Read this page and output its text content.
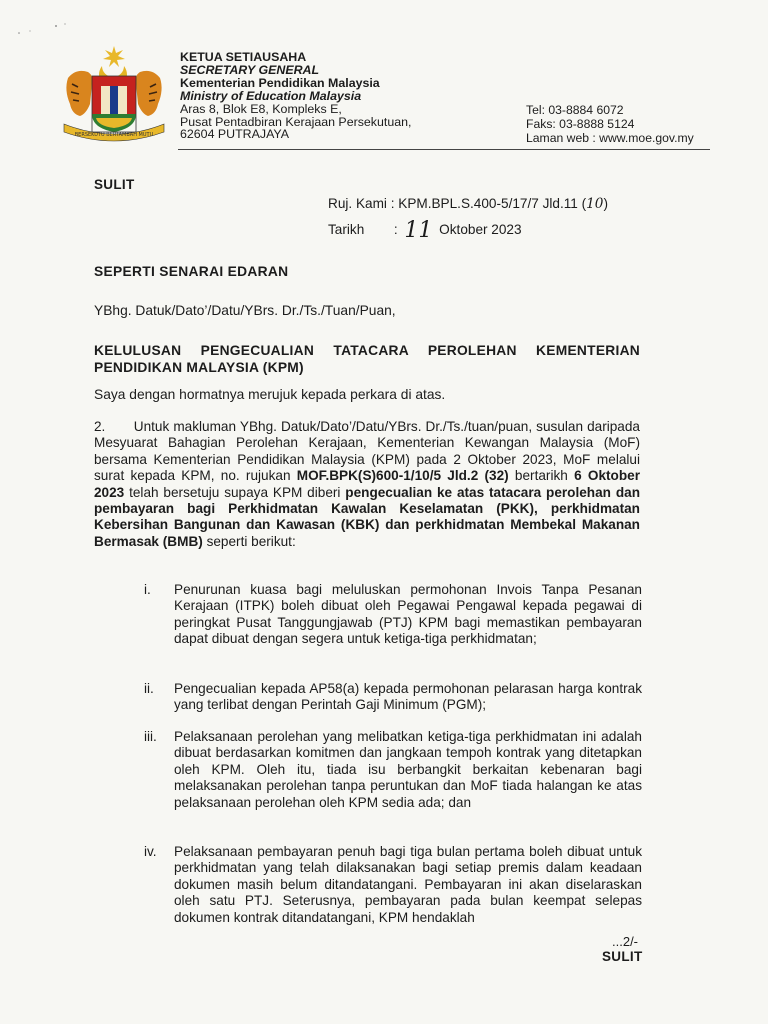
BERSEKUTU BERTAMBAH MUTU
KETUA SETIAUSAHA
SECRETARY GENERAL
Kementerian Pendidikan Malaysia
Ministry of Education Malaysia
Aras 8, Blok E8, Kompleks E,
Pusat Pentadbiran Kerajaan Persekutuan,
62604 PUTRAJAYA
Tel: 03-8884 6072
Faks: 03-8888 5124
Laman web : www.moe.gov.my
SULIT
Ruj. Kami : KPM.BPL.S.400-5/17/7 Jld.11 (10)
Tarikh : 11 Oktober 2023
SEPERTI SENARAI EDARAN
YBhg. Datuk/Dato’/Datu/YBrs. Dr./Ts./Tuan/Puan,
KELULUSAN PENGECUALIAN TATACARA PEROLEHAN KEMENTERIAN PENDIDIKAN MALAYSIA (KPM)
Saya dengan hormatnya merujuk kepada perkara di atas.
2.       Untuk makluman YBhg. Datuk/Dato’/Datu/YBrs. Dr./Ts./tuan/puan, susulan daripada Mesyuarat Bahagian Perolehan Kerajaan, Kementerian Kewangan Malaysia (MoF) bersama Kementerian Pendidikan Malaysia (KPM) pada 2 Oktober 2023, MoF melalui surat kepada KPM, no. rujukan MOF.BPK(S)600-1/10/5 Jld.2 (32) bertarikh 6 Oktober 2023 telah bersetuju supaya KPM diberi pengecualian ke atas tatacara perolehan dan pembayaran bagi Perkhidmatan Kawalan Keselamatan (PKK), perkhidmatan Kebersihan Bangunan dan Kawasan (KBK) dan perkhidmatan Membekal Makanan Bermasak (BMB) seperti berikut:
i. Penurunan kuasa bagi meluluskan permohonan Invois Tanpa Pesanan Kerajaan (ITPK) boleh dibuat oleh Pegawai Pengawal kepada pegawai di peringkat Pusat Tanggungjawab (PTJ) KPM bagi memastikan pembayaran dapat dibuat dengan segera untuk ketiga-tiga perkhidmatan;
ii. Pengecualian kepada AP58(a) kepada permohonan pelarasan harga kontrak yang terlibat dengan Perintah Gaji Minimum (PGM);
iii. Pelaksanaan perolehan yang melibatkan ketiga-tiga perkhidmatan ini adalah dibuat berdasarkan komitmen dan jangkaan tempoh kontrak yang ditetapkan oleh KPM. Oleh itu, tiada isu berbangkit berkaitan kebenaran bagi melaksanakan perolehan tanpa peruntukan dan MoF tiada halangan ke atas pelaksanaan perolehan oleh KPM sedia ada; dan
iv. Pelaksanaan pembayaran penuh bagi tiga bulan pertama boleh dibuat untuk perkhidmatan yang telah dilaksanakan bagi setiap premis dalam keadaan dokumen masih belum ditandatangani. Pembayaran ini akan diselaraskan oleh satu PTJ. Seterusnya, pembayaran pada bulan keempat selepas dokumen kontrak ditandatangani, KPM hendaklah
...2/-
SULIT
